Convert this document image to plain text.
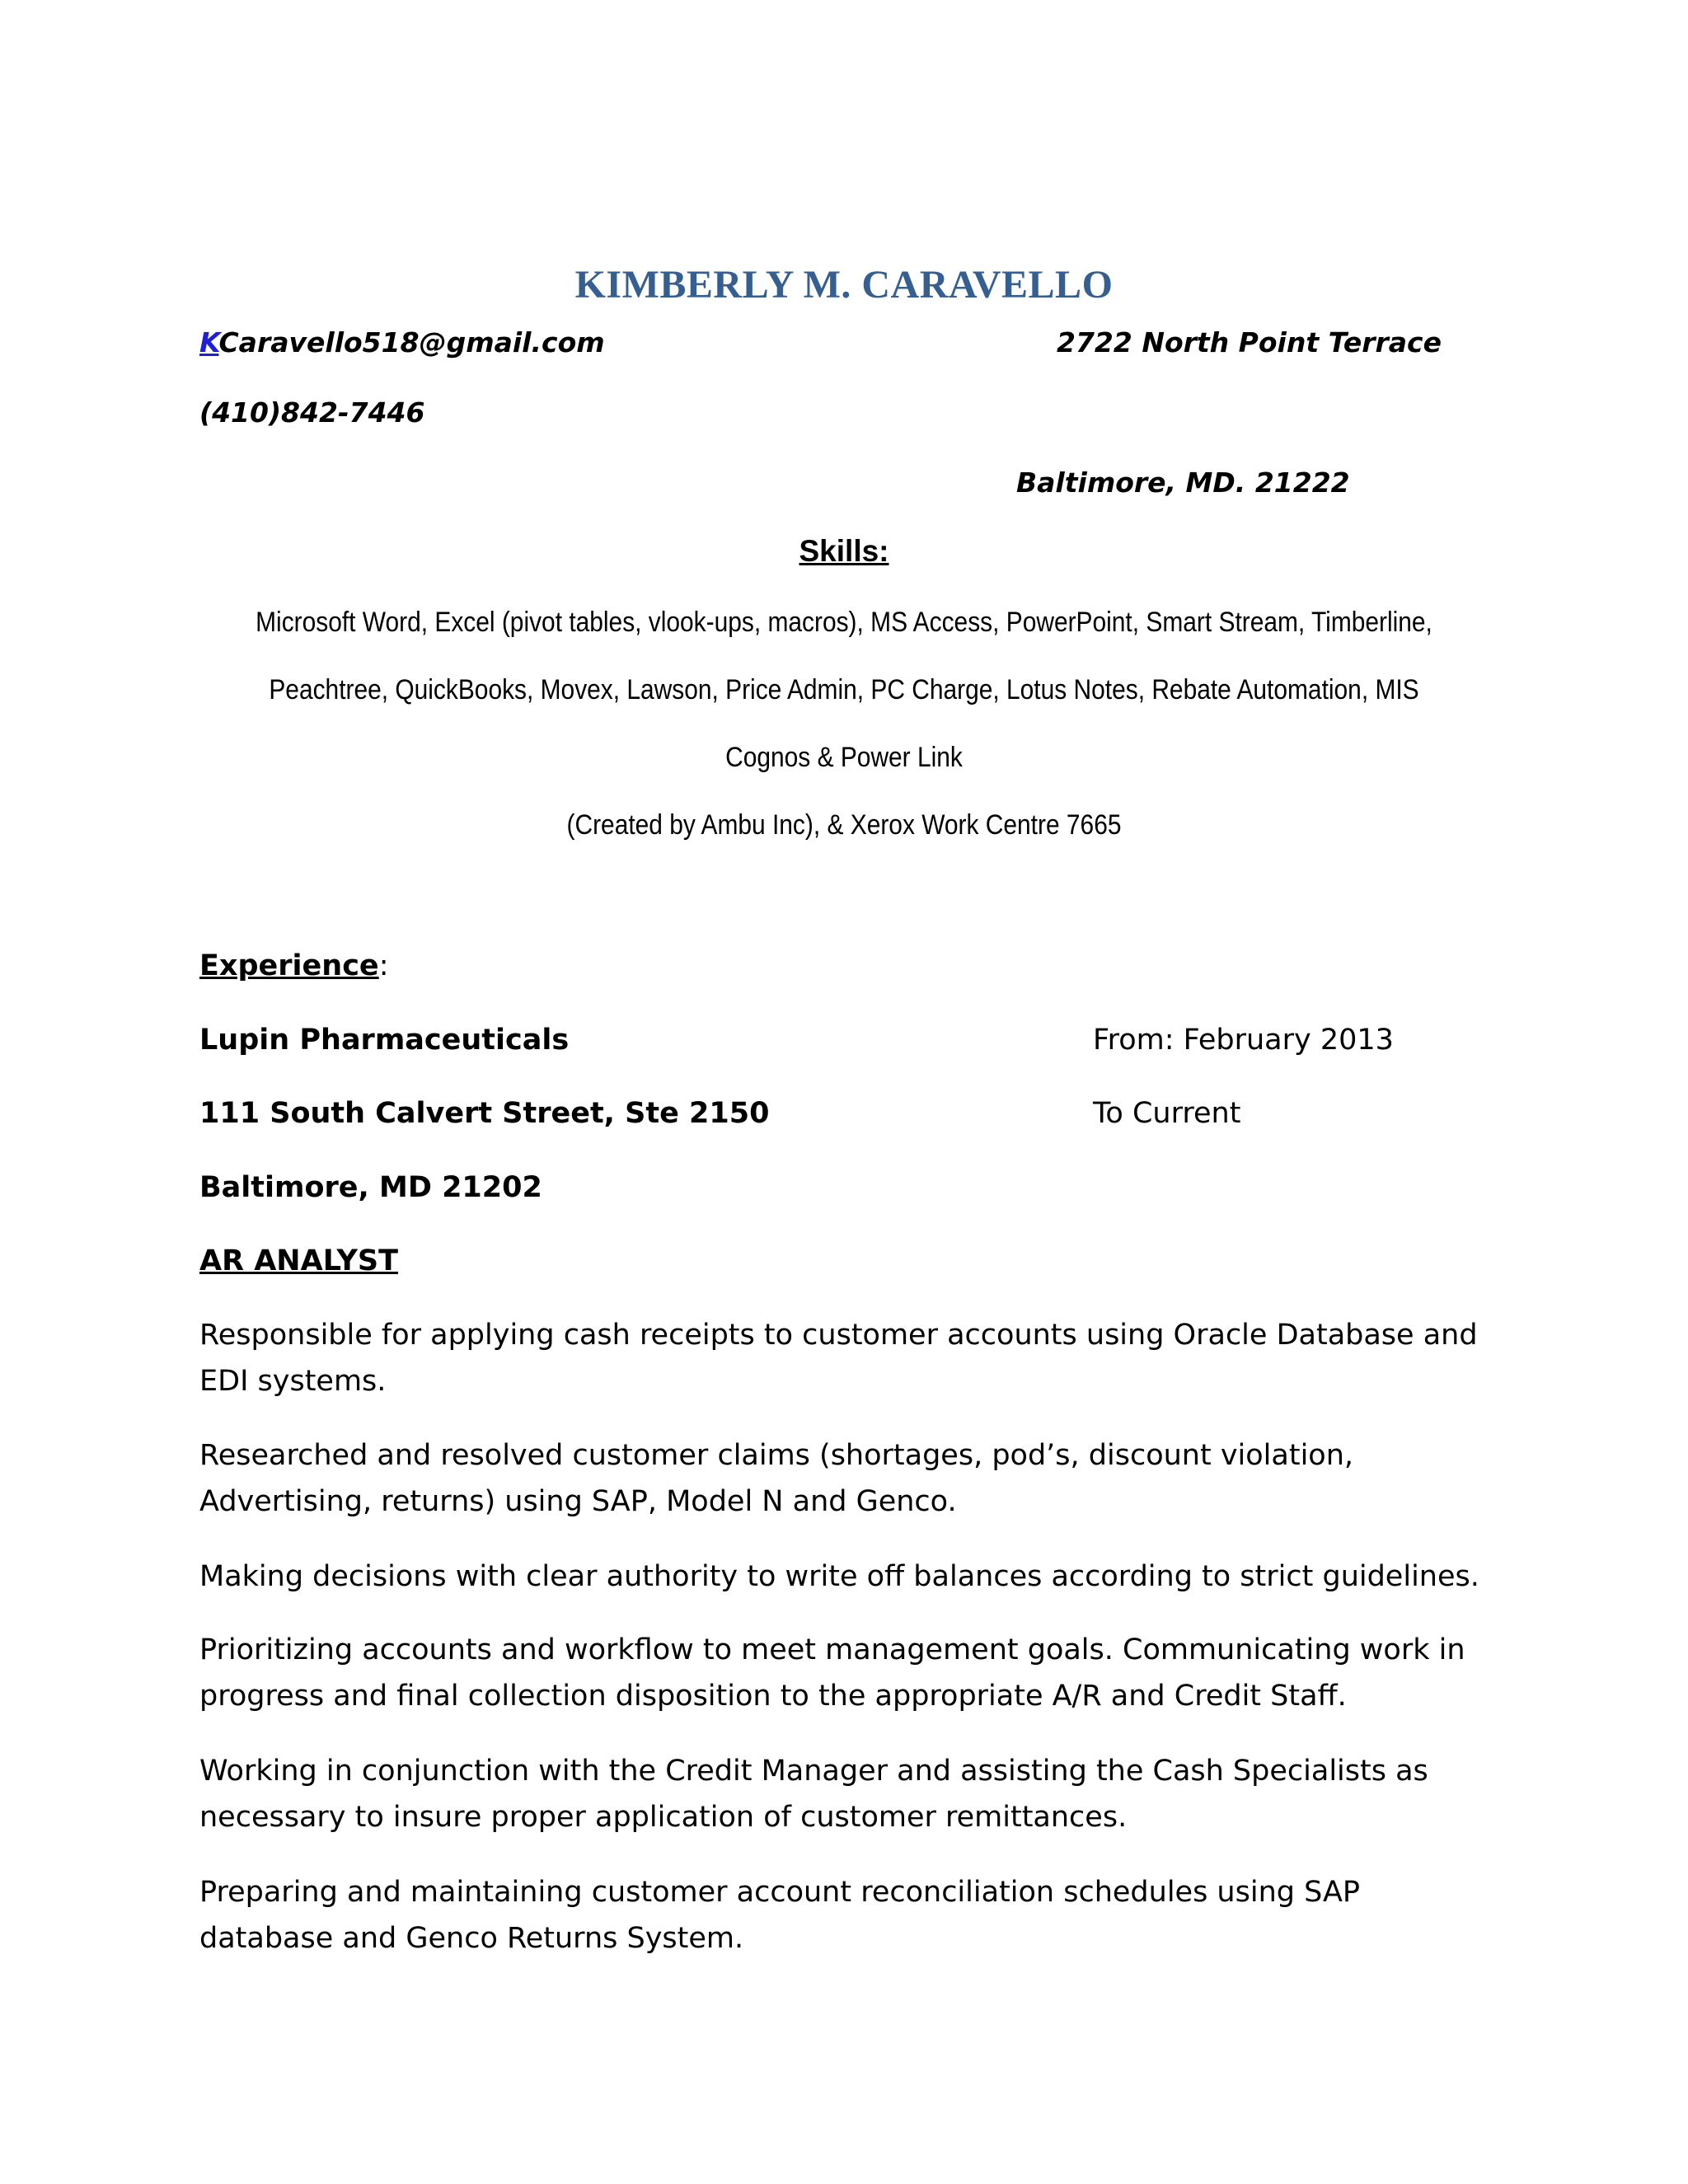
KIMBERLY M. CARAVELLO
KCaravello518@gmail.com	2722 North Point Terrace
(410)842-7446
Baltimore, MD. 21222
Skills:
Microsoft Word, Excel (pivot tables, vlook-ups, macros), MS Access, PowerPoint, Smart Stream, Timberline,
Peachtree, QuickBooks, Movex, Lawson, Price Admin, PC Charge, Lotus Notes, Rebate Automation, MIS
Cognos & Power Link
(Created by Ambu Inc), & Xerox Work Centre 7665
Experience:
Lupin Pharmaceuticals	From: February 2013
111 South Calvert Street, Ste 2150	To Current
Baltimore, MD 21202
AR ANALYST
Responsible for applying cash receipts to customer accounts using Oracle Database and EDI systems.
Researched and resolved customer claims (shortages, pod’s, discount violation, Advertising, returns) using SAP, Model N and Genco.
Making decisions with clear authority to write off balances according to strict guidelines.
Prioritizing accounts and workflow to meet management goals. Communicating work in progress and final collection disposition to the appropriate A/R and Credit Staff.
Working in conjunction with the Credit Manager and assisting the Cash Specialists as necessary to insure proper application of customer remittances.
Preparing and maintaining customer account reconciliation schedules using SAP database and Genco Returns System.
